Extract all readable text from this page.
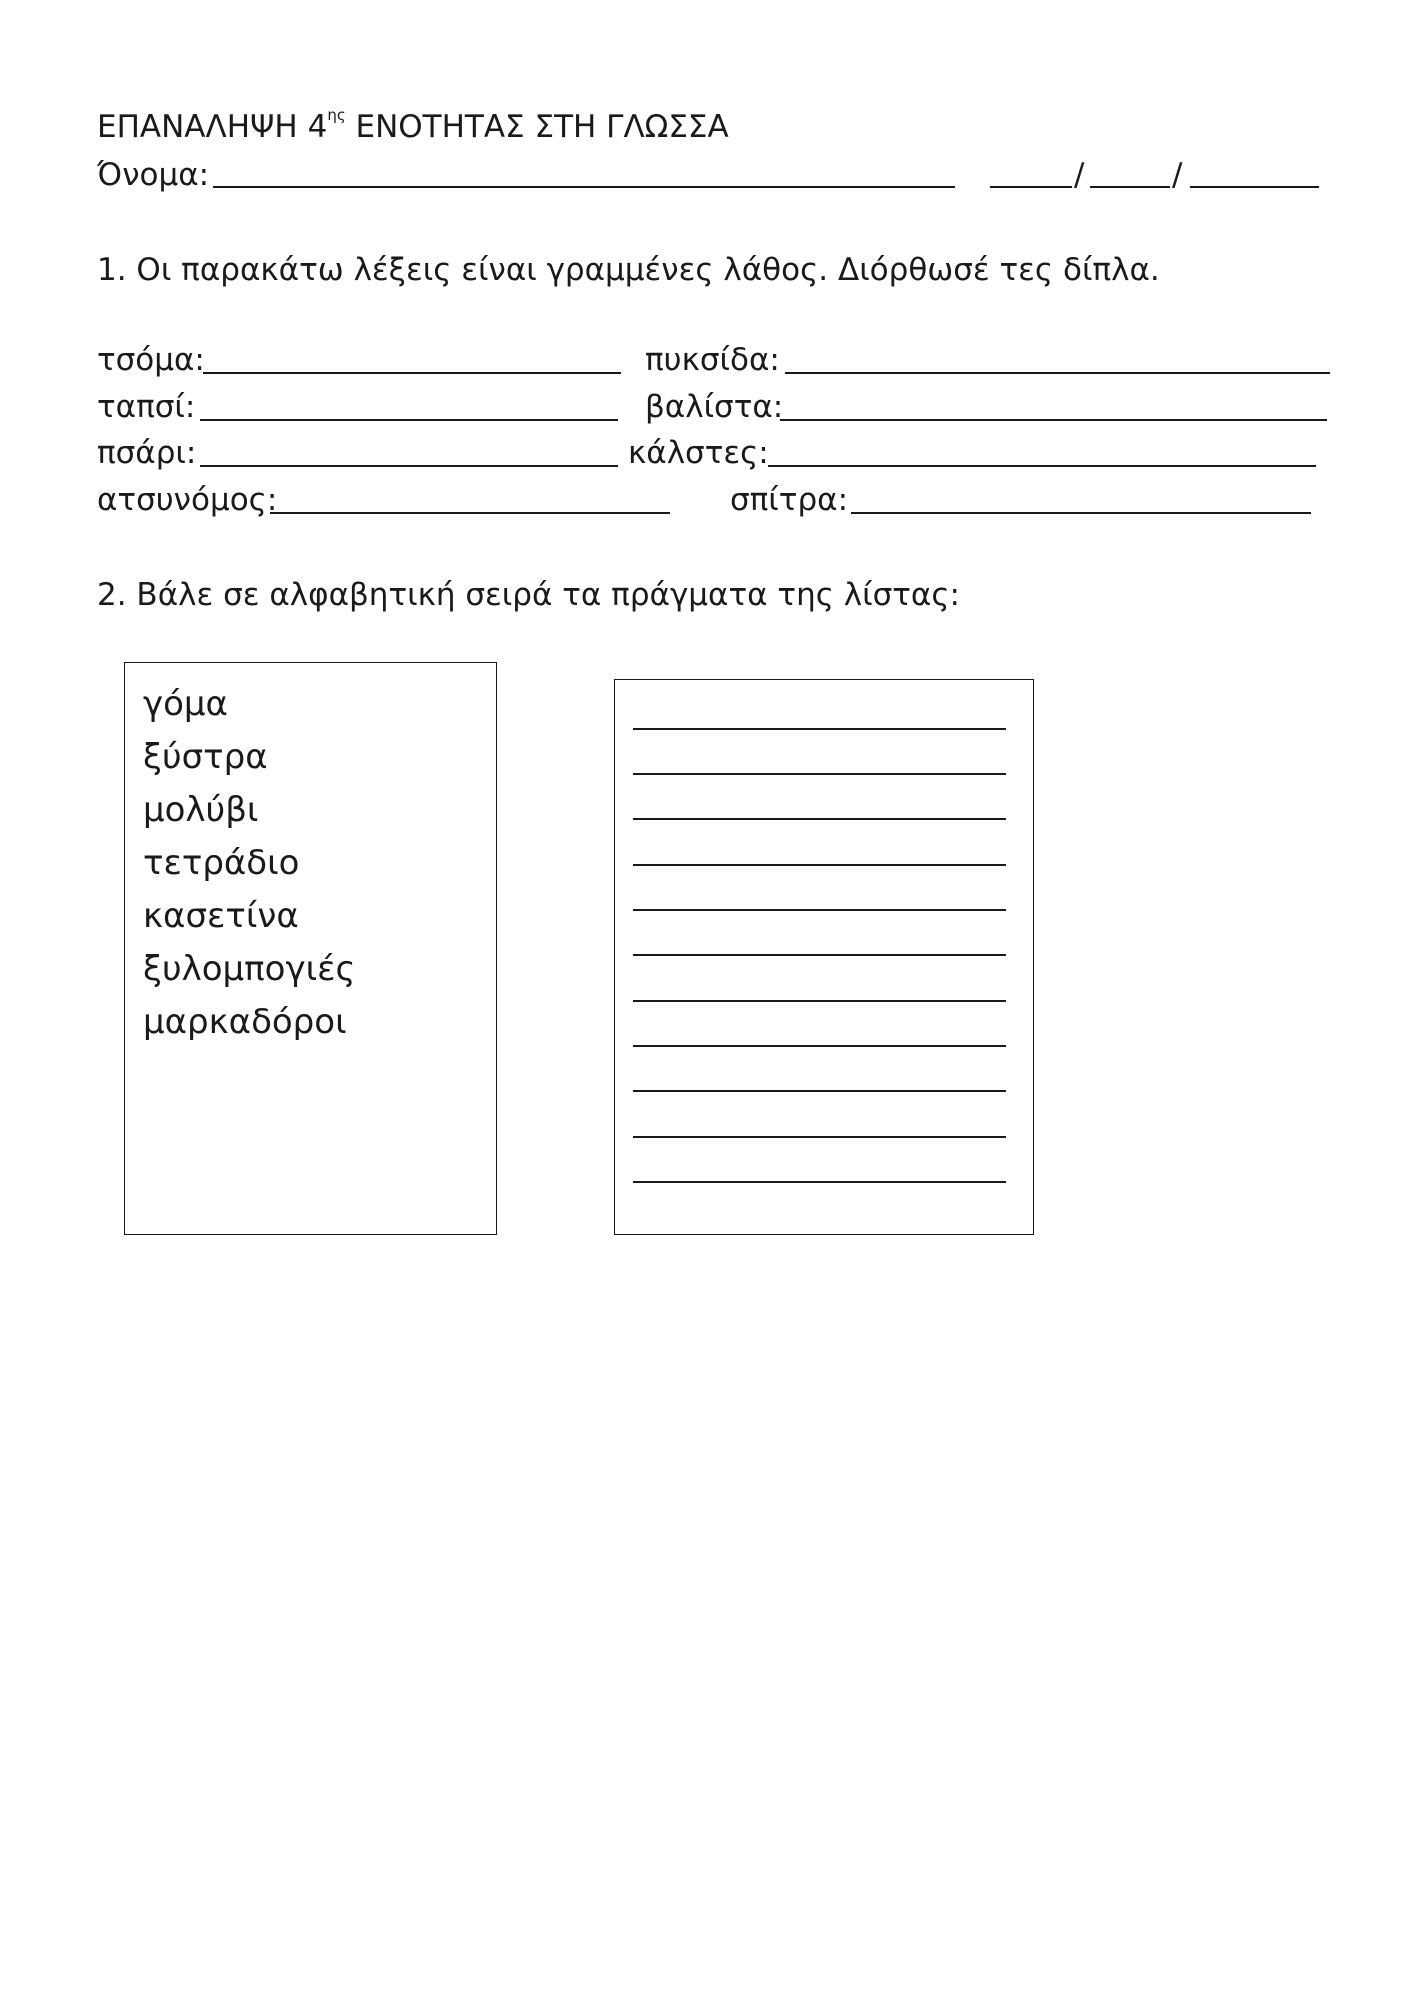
ΕΠΑΝΑΛΗΨΗ $4^{\eta\varsigma}$ ΕΝΟΤΗΤΑΣ ΣΤΗ ΓΛΩΣΣΑ
Όνομα:	/	/
1. Οι παρακάτω λέξεις είναι γραμμένες λάθος. Διόρθωσέ τες δίπλα.
τσόμα:	πυκσίδα:
ταπσί:	βαλίστα:
πσάρι:	κάλστες:
ατσυνόμος:	σπίτρα:
2. Βάλε σε αλφαβητική σειρά τα πράγματα της λίστας:
γόμα
ξύστρα
μολύβι
τετράδιο
κασετίνα
ξυλομπογιές
μαρκαδόροι
